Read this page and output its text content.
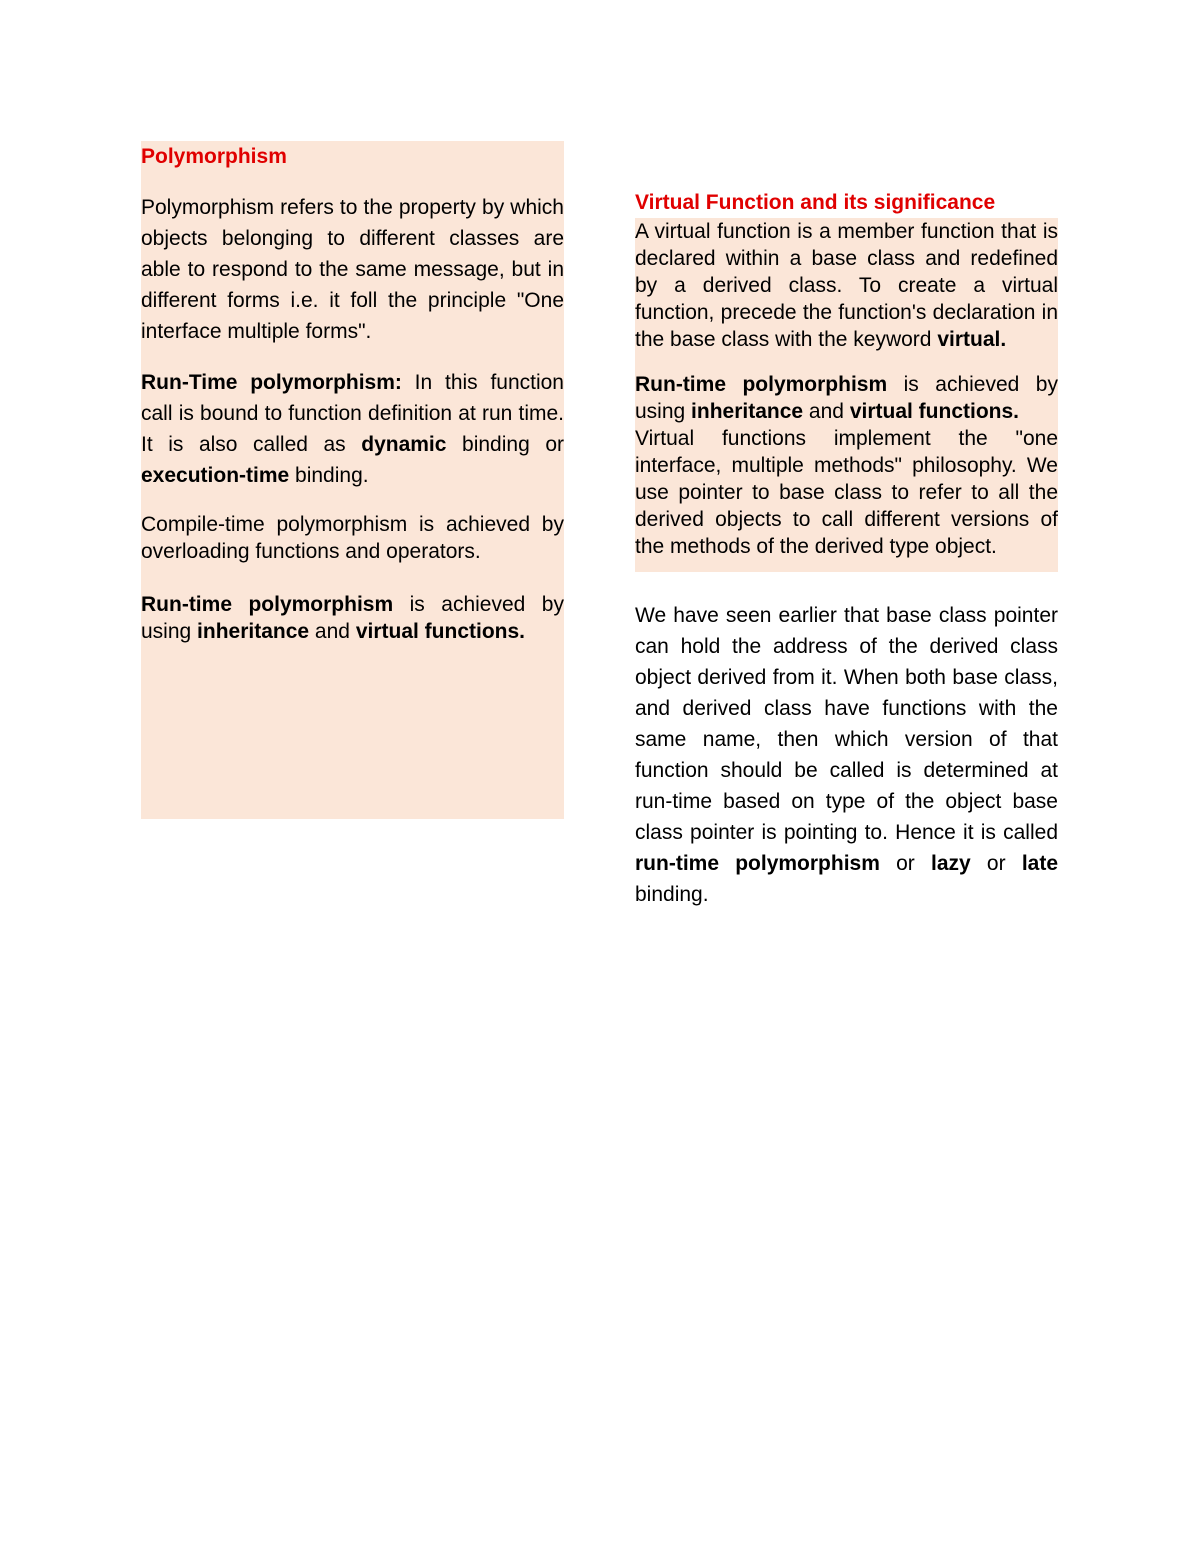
Polymorphism

Polymorphism refers to the property by which objects belonging to different classes are able to respond to the same message, but in different forms i.e. it foll the principle "One interface multiple forms".

Run-Time polymorphism: In this function call is bound to function definition at run time. It is also called as dynamic binding or execution-time binding.

Compile-time polymorphism is achieved by overloading functions and operators.

Run-time polymorphism is achieved by using inheritance and virtual functions.

Virtual Function and its significance

A virtual function is a member function that is declared within a base class and redefined by a derived class. To create a virtual function, precede the function's declaration in the base class with the keyword virtual.

Run-time polymorphism is achieved by using inheritance and virtual functions.

Virtual functions implement the "one interface, multiple methods" philosophy. We use pointer to base class to refer to all the derived objects to call different versions of the methods of the derived type object.

We have seen earlier that base class pointer can hold the address of the derived class object derived from it. When both base class, and derived class have functions with the same name, then which version of that function should be called is determined at run-time based on type of the object base class pointer is pointing to. Hence it is called run-time polymorphism or lazy or late binding.
